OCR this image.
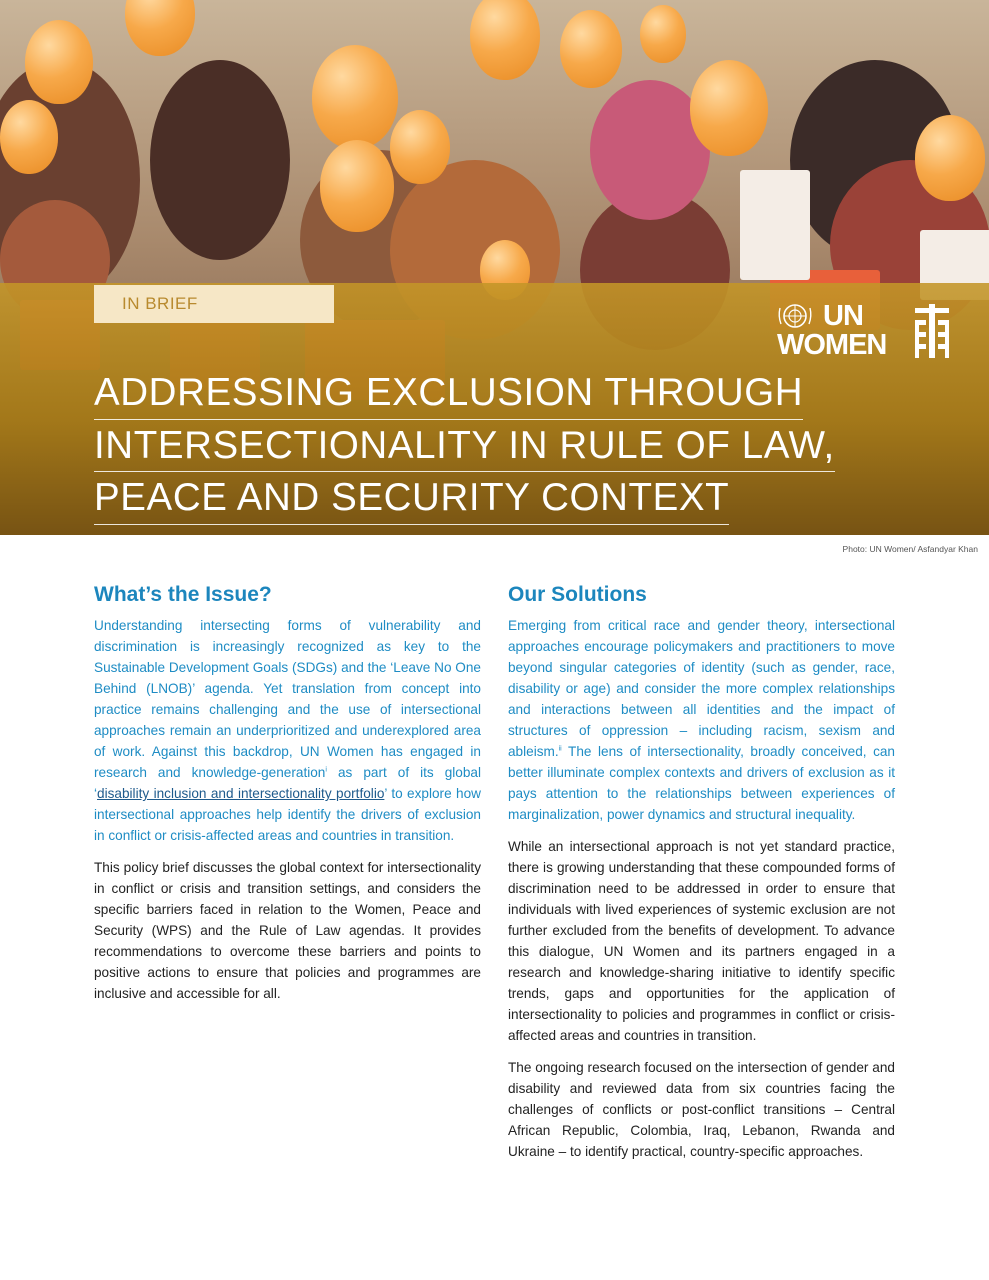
IN BRIEF	UN
WOMEN
ADDRESSING EXCLUSION THROUGH
INTERSECTIONALITY IN RULE OF LAW,
PEACE AND SECURITY CONTEXT
Photo: UN Women/ Asfandyar Khan
What’s the Issue?

Understanding intersecting forms of vulnerability and discrimination is increasingly recognized as key to the Sustainable Development Goals (SDGs) and the ‘Leave No One Behind (LNOB)’ agenda. Yet translation from concept into practice remains challenging and the use of intersectional approaches remain an underprioritized and underexplored area of work. Against this backdrop, UN Women has engaged in research and knowledge-generation$^i$ as part of its global ‘disability inclusion and intersectionality portfolio’ to explore how intersectional approaches help identify the drivers of exclusion in conflict or crisis-affected areas and countries in transition.

This policy brief discusses the global context for intersectionality in conflict or crisis and transition settings, and considers the specific barriers faced in relation to the Women, Peace and Security (WPS) and the Rule of Law agendas. It provides recommendations to overcome these barriers and points to positive actions to ensure that policies and programmes are inclusive and accessible for all.

Our Solutions

Emerging from critical race and gender theory, intersectional approaches encourage policymakers and practitioners to move beyond singular categories of identity (such as gender, race, disability or age) and consider the more complex relationships and interactions between all identities and the impact of structures of oppression – including racism, sexism and ableism.$^{ii}$ The lens of intersectionality, broadly conceived, can better illuminate complex contexts and drivers of exclusion as it pays attention to the relationships between experiences of marginalization, power dynamics and structural inequality.

While an intersectional approach is not yet standard practice, there is growing understanding that these compounded forms of discrimination need to be addressed in order to ensure that individuals with lived experiences of systemic exclusion are not further excluded from the benefits of development. To advance this dialogue, UN Women and its partners engaged in a research and knowledge-sharing initiative to identify specific trends, gaps and opportunities for the application of intersectionality to policies and programmes in conflict or crisis-affected areas and countries in transition.

The ongoing research focused on the intersection of gender and disability and reviewed data from six countries facing the challenges of conflicts or post-conflict transitions – Central African Republic, Colombia, Iraq, Lebanon, Rwanda and Ukraine – to identify practical, country-specific approaches.
